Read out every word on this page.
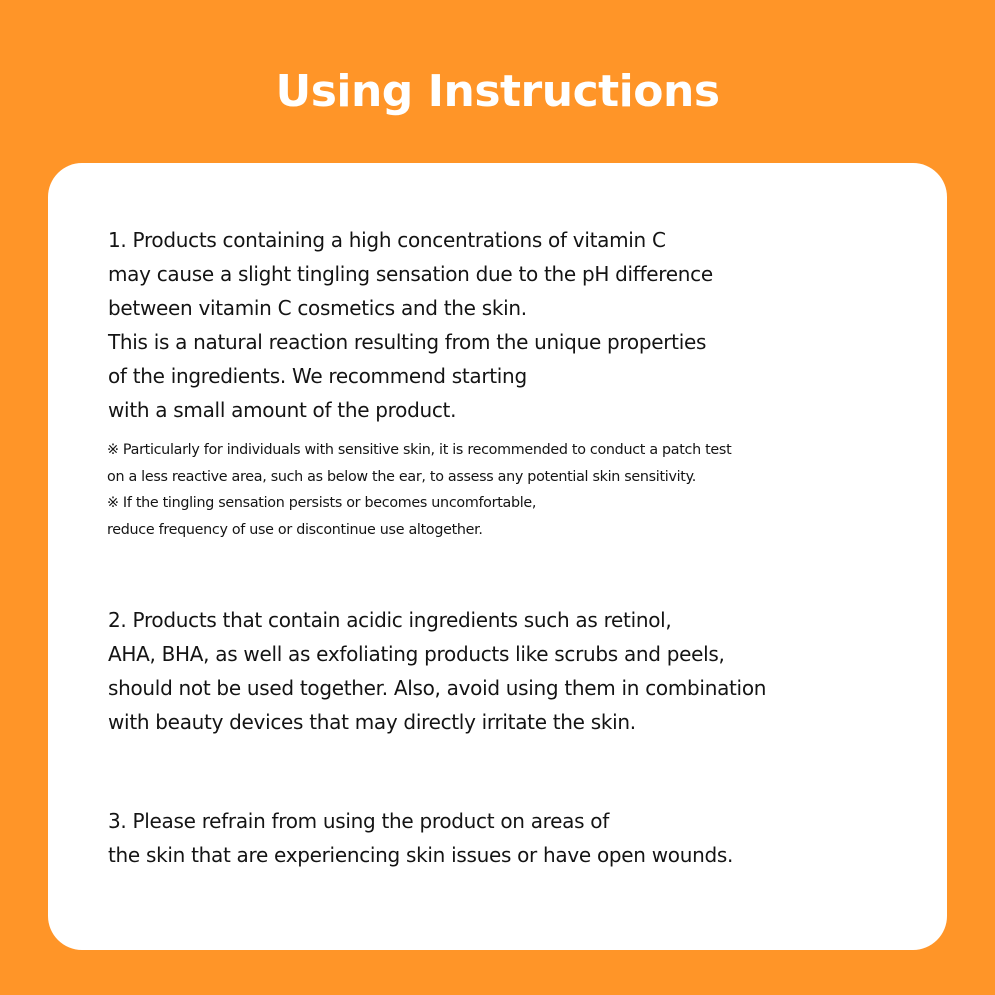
Using Instructions
1. Products containing a high concentrations of vitamin C
may cause a slight tingling sensation due to the pH difference
between vitamin C cosmetics and the skin.
This is a natural reaction resulting from the unique properties
of the ingredients. We recommend starting
with a small amount of the product.
※ Particularly for individuals with sensitive skin, it is recommended to conduct a patch test
on a less reactive area, such as below the ear, to assess any potential skin sensitivity.
※ If the tingling sensation persists or becomes uncomfortable,
reduce frequency of use or discontinue use altogether.
2. Products that contain acidic ingredients such as retinol,
AHA, BHA, as well as exfoliating products like scrubs and peels,
should not be used together. Also, avoid using them in combination
with beauty devices that may directly irritate the skin.
3. Please refrain from using the product on areas of
the skin that are experiencing skin issues or have open wounds.
